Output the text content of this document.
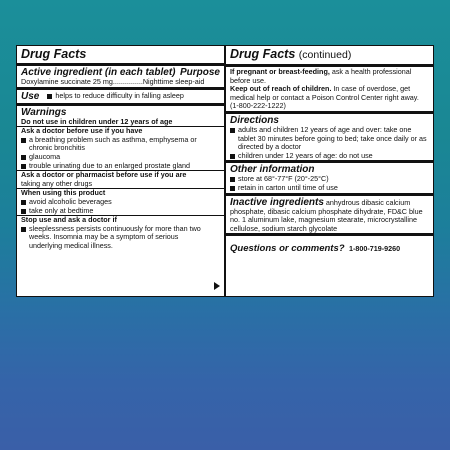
Drug Facts
Active ingredient (in each tablet) Purpose
Doxylamine succinate 25 mg ............... Nighttime sleep-aid
Use helps to reduce difficulty in falling asleep
Warnings
Do not use in children under 12 years of age
Ask a doctor before use if you have
a breathing problem such as asthma, emphysema or chronic bronchitis
glaucoma
trouble urinating due to an enlarged prostate gland
Ask a doctor or pharmacist before use if you are
taking any other drugs
When using this product
avoid alcoholic beverages
take only at bedtime
Stop use and ask a doctor if
sleeplessness persists continuously for more than two weeks. Insomnia may be a symptom of serious underlying medical illness.
Drug Facts (continued)
If pregnant or breast-feeding, ask a health professional before use.
Keep out of reach of children. In case of overdose, get medical help or contact a Poison Control Center right away. (1-800-222-1222)
Directions
adults and children 12 years of age and over: take one tablet 30 minutes before going to bed; take once daily or as directed by a doctor
children under 12 years of age: do not use
Other information
store at 68°-77°F (20°-25°C)
retain in carton until time of use
Inactive ingredients anhydrous dibasic calcium phosphate, dibasic calcium phosphate dihydrate, FD&C blue no. 1 aluminum lake, magnesium stearate, microcrystalline cellulose, sodium starch glycolate
Questions or comments? 1-800-719-9260
